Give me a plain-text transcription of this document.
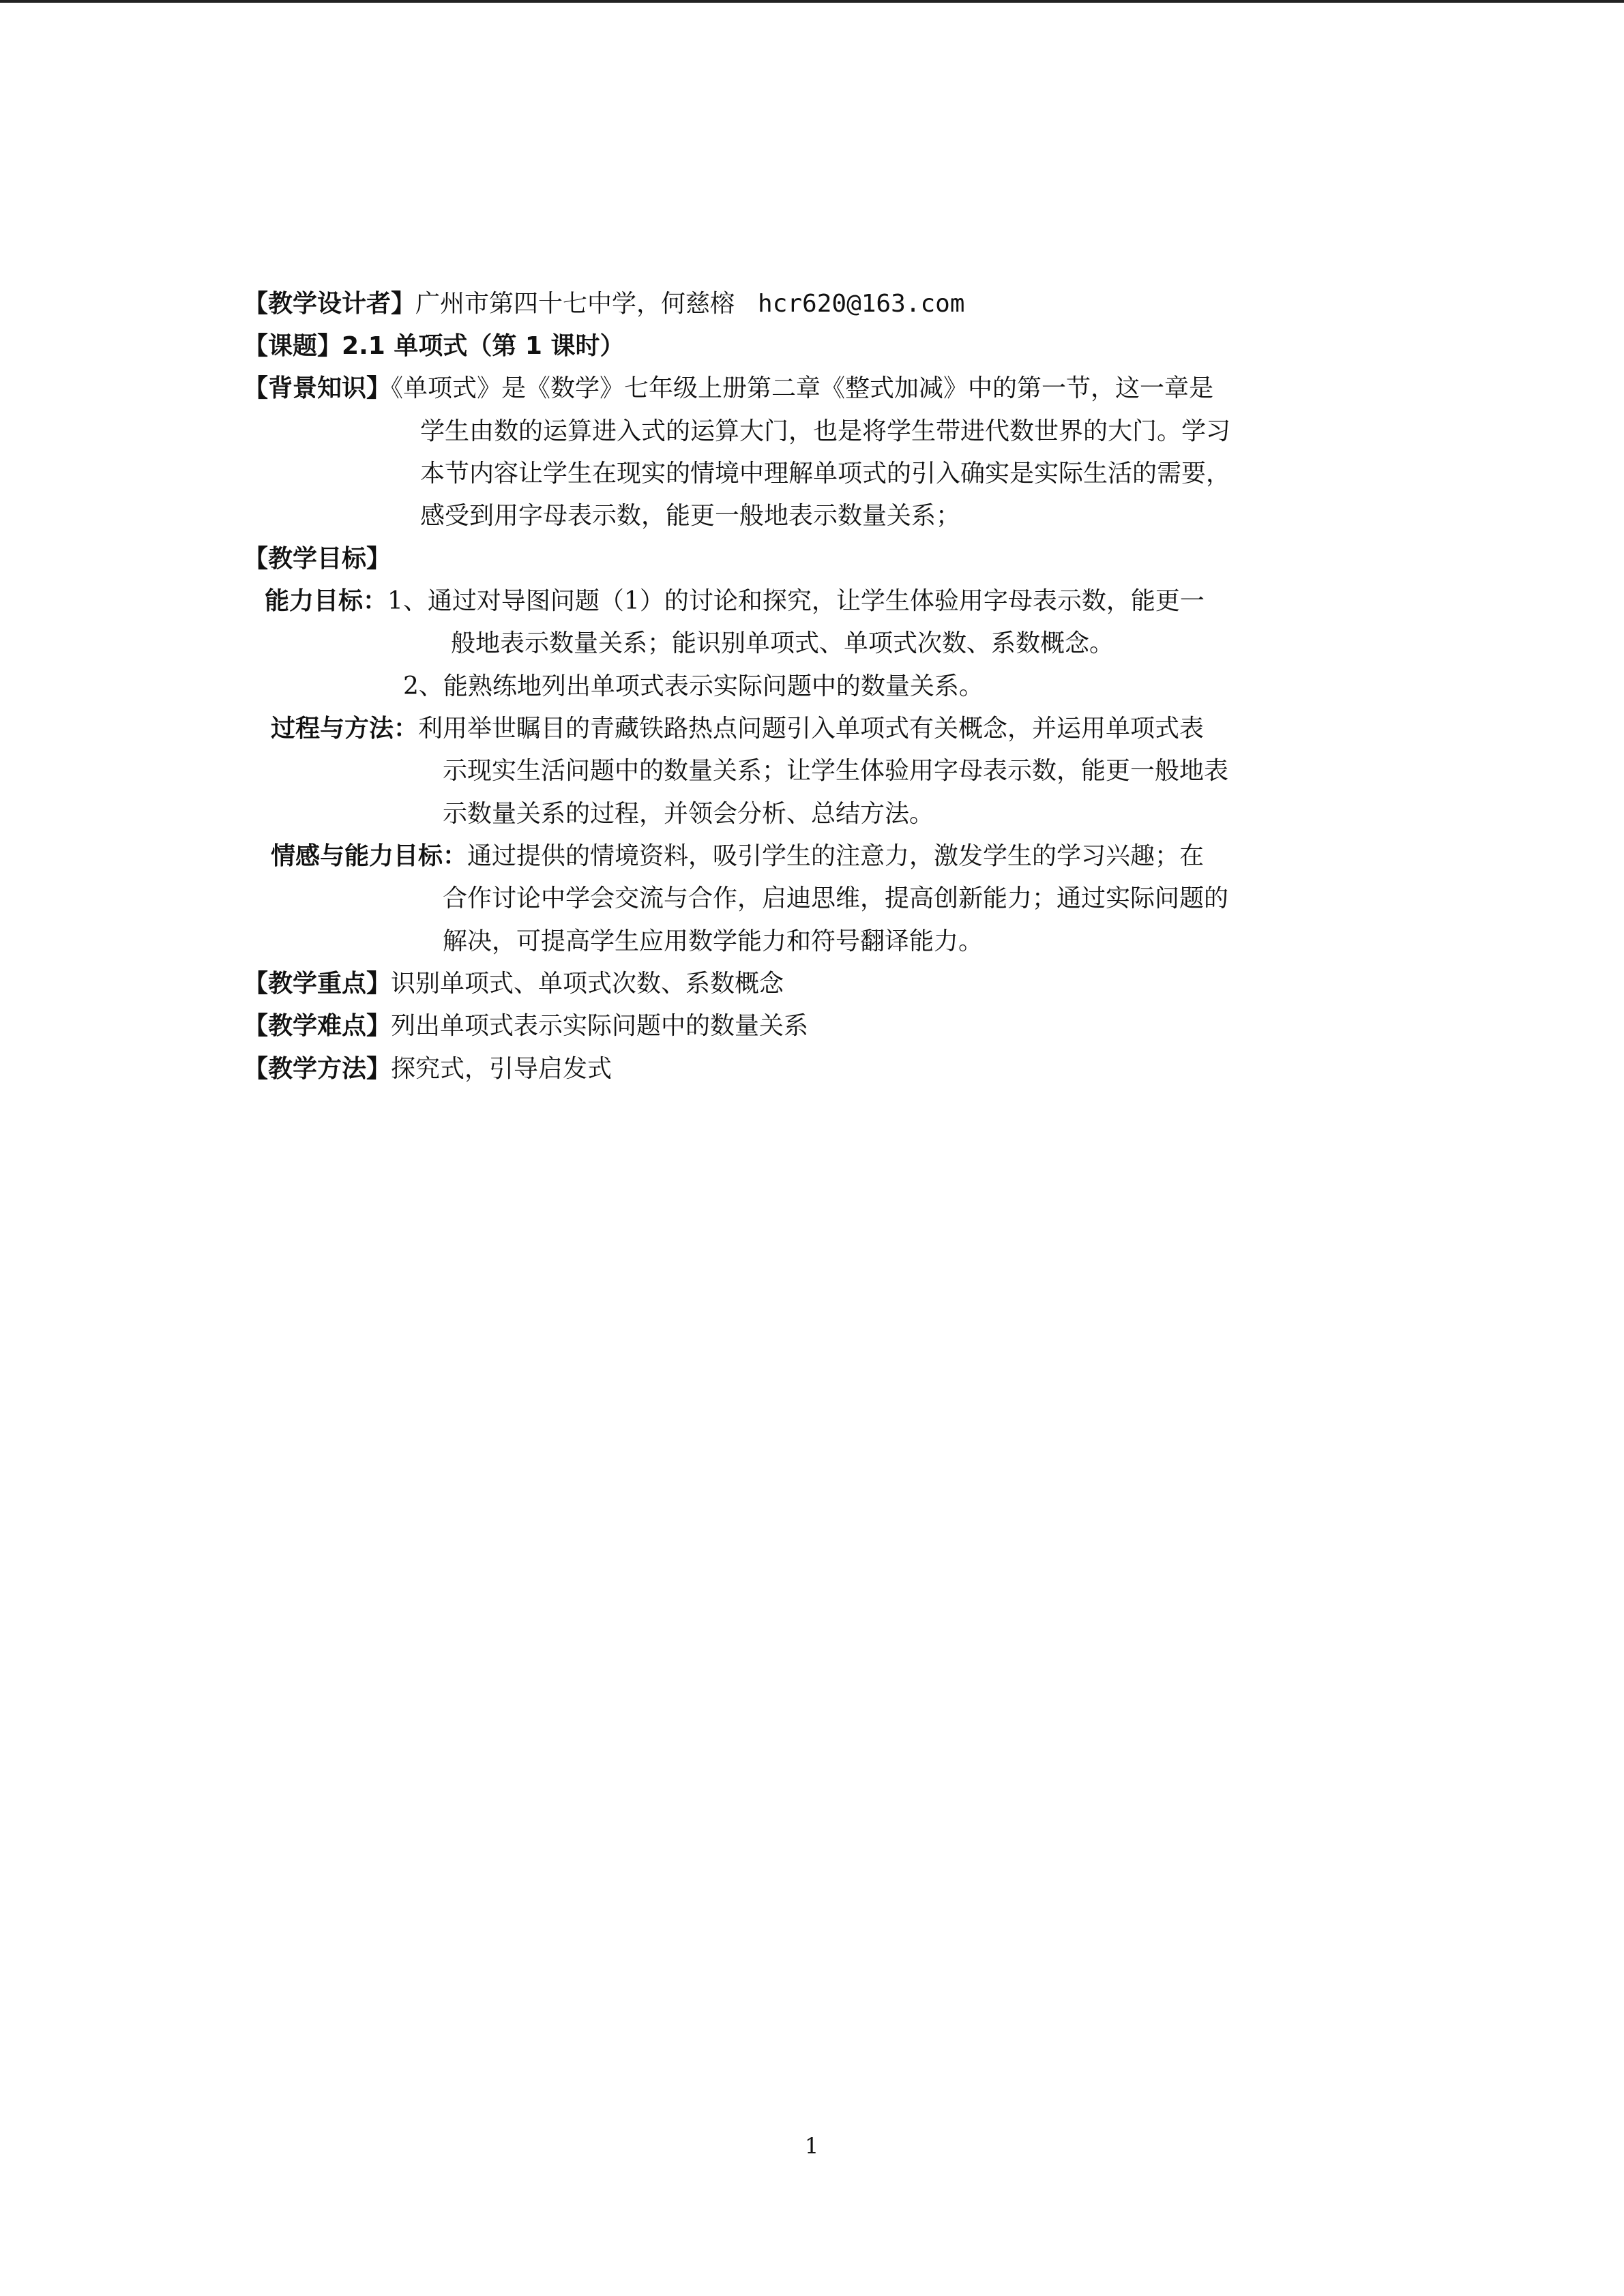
【教学设计者】广州市第四十七中学，何慈榕 hcr620@163.com
【课题】2.1 单项式（第 1 课时）
【背景知识】《单项式》是《数学》七年级上册第二章《整式加减》中的第一节，这一章是
学生由数的运算进入式的运算大门，也是将学生带进代数世界的大门。学习
本节内容让学生在现实的情境中理解单项式的引入确实是实际生活的需要，
感受到用字母表示数，能更一般地表示数量关系；
【教学目标】
能力目标：1、通过对导图问题（1）的讨论和探究，让学生体验用字母表示数，能更一
般地表示数量关系；能识别单项式、单项式次数、系数概念。
2、能熟练地列出单项式表示实际问题中的数量关系。
过程与方法：利用举世瞩目的青藏铁路热点问题引入单项式有关概念，并运用单项式表
示现实生活问题中的数量关系；让学生体验用字母表示数，能更一般地表
示数量关系的过程，并领会分析、总结方法。
情感与能力目标：通过提供的情境资料，吸引学生的注意力，激发学生的学习兴趣；在
合作讨论中学会交流与合作，启迪思维，提高创新能力；通过实际问题的
解决，可提高学生应用数学能力和符号翻译能力。
【教学重点】识别单项式、单项式次数、系数概念
【教学难点】列出单项式表示实际问题中的数量关系
【教学方法】探究式，引导启发式
1
